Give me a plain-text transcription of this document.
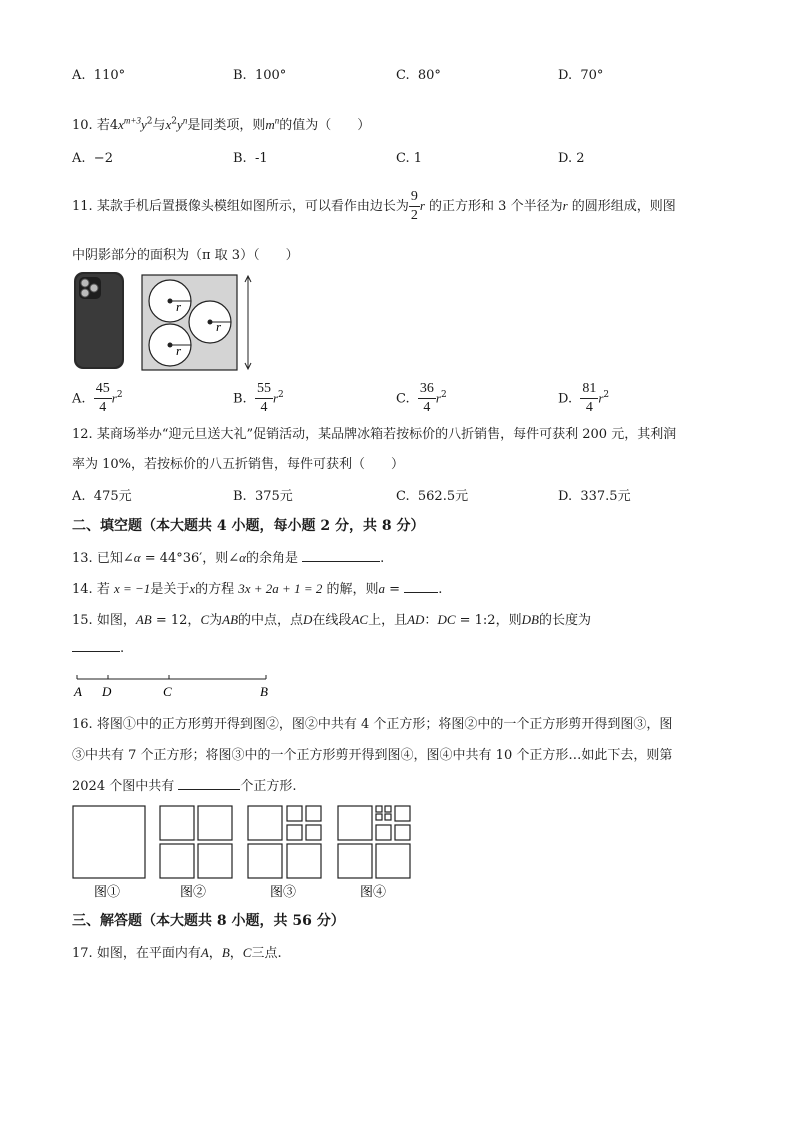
A. 110°	B. 100°	C. 80°	D. 70°
10. 若$4x^{m+3}y^2$与$x^2y^n$是同类项，则$m^n$的值为（　　）
A. −2	B. -1	C. 1	D. 2
11. 某款手机后置摄像头模组如图所示，可以看作由边长为 $\frac{9}{2}$ r 的正方形和 3 个半径为r 的圆形组成，则图
中阴影部分的面积为（π 取 3）（　　）
r
r
r
A. $\frac{45}{4} r^2$	B. $\frac{55}{4} r^2$	C. $\frac{36}{4} r^2$	D. $\frac{81}{4} r^2$
12. 某商场举办“迎元旦送大礼”促销活动，某品牌冰箱若按标价的八折销售，每件可获利 200 元，其利润
率为 10%，若按标价的八五折销售，每件可获利（　　）
A. 475元	B. 375元	C. 562.5元	D. 337.5元
二、填空题（本大题共 4 小题，每小题 2 分，共 8 分）
13. 已知∠α = 44°36′，则∠α的余角是	.
14. 若 x = −1是关于x的方程 3x + 2a + 1 = 2 的解，则a =	.
15. 如图，AB = 12，C为AB的中点，点D在线段AC上，且AD：DC = 1:2，则DB的长度为
.
A D	C	B
16. 将图①中的正方形剪开得到图②，图②中共有 4 个正方形；将图②中的一个正方形剪开得到图③，图
③中共有 7 个正方形；将图③中的一个正方形剪开得到图④，图④中共有 10 个正方形…如此下去，则第
2024 个图中共有	个正方形.
图①	图②	图③	图④
三、解答题（本大题共 8 小题，共 56 分）
17. 如图，在平面内有A，B，C三点.
